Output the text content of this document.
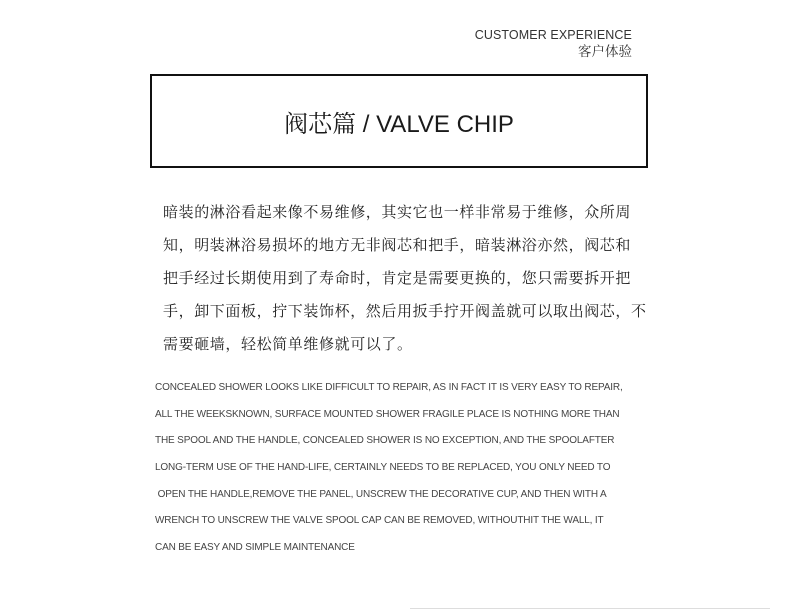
CUSTOMER EXPERIENCE
客户体验
阀芯篇 / VALVE CHIP
暗装的淋浴看起来像不易维修，其实它也一样非常易于维修，众所周
知，明装淋浴易损坏的地方无非阀芯和把手，暗装淋浴亦然，阀芯和
把手经过长期使用到了寿命时，肯定是需要更换的，您只需要拆开把
手，卸下面板，拧下装饰杯，然后用扳手拧开阀盖就可以取出阀芯，不
需要砸墙，轻松简单维修就可以了。
CONCEALED SHOWER LOOKS LIKE DIFFICULT TO REPAIR, AS IN FACT IT IS VERY EASY TO REPAIR,
ALL THE WEEKSKNOWN, SURFACE MOUNTED SHOWER FRAGILE PLACE IS NOTHING MORE THAN
THE SPOOL AND THE HANDLE, CONCEALED SHOWER IS NO EXCEPTION, AND THE SPOOLAFTER
LONG-TERM USE OF THE HAND-LIFE, CERTAINLY NEEDS TO BE REPLACED, YOU ONLY NEED TO
OPEN THE HANDLE,REMOVE THE PANEL, UNSCREW THE DECORATIVE CUP, AND THEN WITH A
WRENCH TO UNSCREW THE VALVE SPOOL CAP CAN BE REMOVED, WITHOUTHIT THE WALL, IT
CAN BE EASY AND SIMPLE MAINTENANCE
